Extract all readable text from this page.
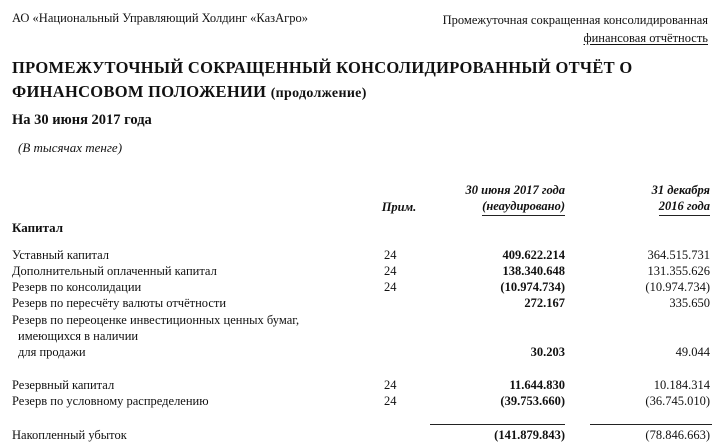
АО «Национальный Управляющий Холдинг «КазАгро»	Промежуточная сокращенная консолидированная
финансовая отчётность
ПРОМЕЖУТОЧНЫЙ СОКРАЩЕННЫЙ КОНСОЛИДИРОВАННЫЙ ОТЧЁТ О
ФИНАНСОВОМ ПОЛОЖЕНИИ (продолжение)
На 30 июня 2017 года
(В тысячах тенге)
Прим.
30 июня 2017 года
(неаудировано)
31 декабря
2016 года
Капитал
Уставный капитал	24	409.622.214	364.515.731
Дополнительный оплаченный капитал	24	138.340.648	131.355.626
Резерв по консолидации	24	(10.974.734)	(10.974.734)
Резерв по пересчёту валюты отчётности	272.167	335.650
Резерв по переоценке инвестиционных ценных бумаг,
имеющихся в наличии
для продажи	30.203	49.044
Резервный капитал	24	11.644.830	10.184.314
Резерв по условному распределению	24	(39.753.660)	(36.745.010)
Накопленный убыток	(141.879.843)	(78.846.663)
